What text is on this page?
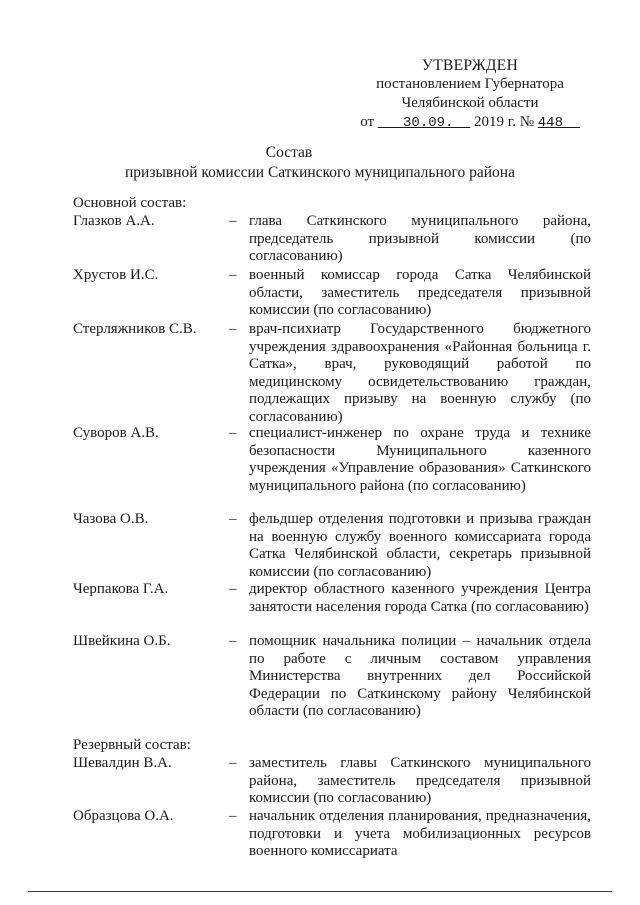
УТВЕРЖДЕН
постановлением Губернатора
Челябинской области
от 30.09. 2019 г. № 448
Состав
призывной комиссии Саткинского муниципального района
Основной состав:
Глазков А.А.	– глава Саткинского муниципального района, председатель призывной комиссии (по согласованию)
Хрустов И.С.	– военный комиссар города Сатка Челябинской области, заместитель председателя призывной комиссии (по согласованию)
Стерляжников С.В. – врач-психиатр Государственного бюджетного учреждения здравоохранения «Районная больница г. Сатка», врач, руководящий работой по медицинскому освидетельствованию граждан, подлежащих призыву на военную службу (по согласованию)
Суворов А.В.	– специалист-инженер по охране труда и технике безопасности Муниципального казенного учреждения «Управление образования» Саткинского муниципального района (по согласованию)
Чазова О.В.	– фельдшер отделения подготовки и призыва граждан на военную службу военного комиссариата города Сатка Челябинской области, секретарь призывной комиссии (по согласованию)
Черпакова Г.А.	– директор областного казенного учреждения Центра занятости населения города Сатка (по согласованию)
Швейкина О.Б.	– помощник начальника полиции – начальник отдела по работе с личным составом управления Министерства внутренних дел Российской Федерации по Саткинскому району Челябинской области (по согласованию)
Резервный состав:
Шевалдин В.А.	– заместитель главы Саткинского муниципального района, заместитель председателя призывной комиссии (по согласованию)
Образцова О.А.	– начальник отделения планирования, предназначения, подготовки и учета мобилизационных ресурсов военного комиссариата
